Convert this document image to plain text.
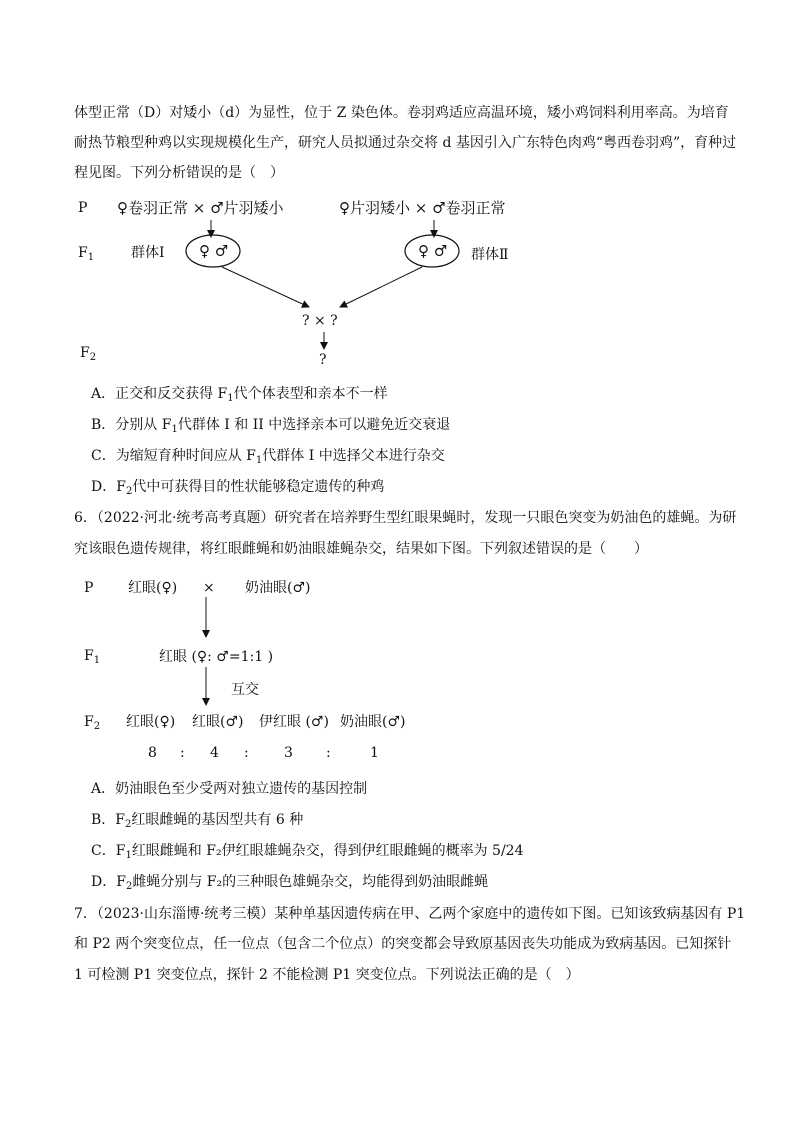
体型正常（D）对矮小（d）为显性，位于 Z 染色体。卷羽鸡适应高温环境，矮小鸡饲料利用率高。为培育
耐热节粮型种鸡以实现规模化生产，研究人员拟通过杂交将 d 基因引入广东特色肉鸡“粤西卷羽鸡”，育种过
程见图。下列分析错误的是（　）
P ♀卷羽正常 × ♂片羽矮小	♀片羽矮小 × ♂卷羽正常
$F_1$	群体Ⅰ ♀ ♂	♀ ♂ 群体Ⅱ
? × ?
$F_2$	?
A．正交和反交获得 $F_1$代个体表型和亲本不一样
B．分别从 $F_1$代群体 I 和 II 中选择亲本可以避免近交衰退
C．为缩短育种时间应从 $F_1$代群体 I 中选择父本进行杂交
D．$F_2$代中可获得目的性状能够稳定遗传的种鸡
6．（2022·河北·统考高考真题）研究者在培养野生型红眼果蝇时，发现一只眼色突变为奶油色的雄蝇。为研
究该眼色遗传规律，将红眼雌蝇和奶油眼雄蝇杂交，结果如下图。下列叙述错误的是（　　）
P 红眼(♀) × 奶油眼(♂)
$F_1$	红眼 (♀: ♂=1:1 )
互交
$F_2$ 红眼(♀) 红眼(♂) 伊红眼 (♂) 奶油眼(♂)
8 : 4 :	3 :	1
A．奶油眼色至少受两对独立遗传的基因控制
B．$F_2$红眼雌蝇的基因型共有 6 种
C．$F_1$红眼雌蝇和 F₂伊红眼雄蝇杂交，得到伊红眼雌蝇的概率为 5/24
D．$F_2$雌蝇分别与 F₂的三种眼色雄蝇杂交，均能得到奶油眼雌蝇
7．（2023·山东淄博·统考三模）某种单基因遗传病在甲、乙两个家庭中的遗传如下图。已知该致病基因有 P1
和 P2 两个突变位点，任一位点（包含二个位点）的突变都会导致原基因丧失功能成为致病基因。已知探针
1 可检测 P1 突变位点，探针 2 不能检测 P1 突变位点。下列说法正确的是（　）
